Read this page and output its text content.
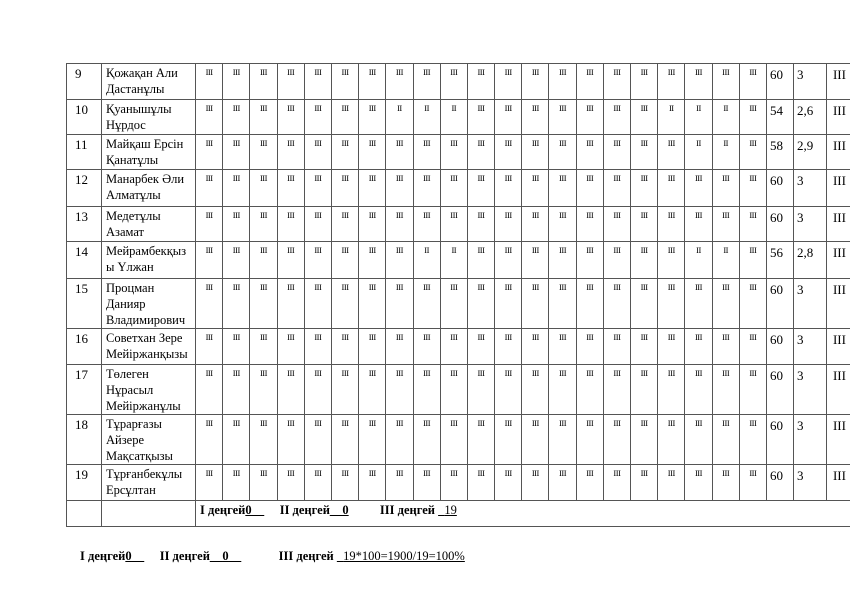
9	Қожақан Али Дастанұлы	III	III	III	III	III	III	III	III	III	III	III	III	III	III	III	III	III	III	III	III	III	60	3	III
10	Қуанышұлы Нұрдос	III	III	III	III	III	III	III	II	II	II	III	III	III	III	III	III	III	II	II	II	III	54	2,6	III
11	Майқаш Ерсін Қанатұлы	III	III	III	III	III	III	III	III	III	III	III	III	III	III	III	III	III	III	II	II	III	58	2,9	III
12	Манарбек Әли Алматұлы	III	III	III	III	III	III	III	III	III	III	III	III	III	III	III	III	III	III	III	III	III	60	3	III
13	Медетұлы Азамат	III	III	III	III	III	III	III	III	III	III	III	III	III	III	III	III	III	III	III	III	III	60	3	III
14	Мейрамбекқыз ы Үлжан	III	III	III	III	III	III	III	III	II	II	III	III	III	III	III	III	III	III	II	II	III	56	2,8	III
15	Процман Данияр Владимирович	III	III	III	III	III	III	III	III	III	III	III	III	III	III	III	III	III	III	III	III	III	60	3	III
16	Советхан Зере Мейіржанқызы	III	III	III	III	III	III	III	III	III	III	III	III	III	III	III	III	III	III	III	III	III	60	3	III
17	Төлеген Нұрасыл Мейіржанұлы	III	III	III	III	III	III	III	III	III	III	III	III	III	III	III	III	III	III	III	III	III	60	3	III
18	Тұрарғазы Айзере Мақсатқызы	III	III	III	III	III	III	III	III	III	III	III	III	III	III	III	III	III	III	III	III	III	60	3	III
19	Тұрғанбекұлы Ерсұлтан	III	III	III	III	III	III	III	III	III	III	III	III	III	III	III	III	III	III	III	III	III	60	3	III
		І деңгей0__ ІІ деңгей__0 ІІІ деңгей 19																							
І деңгей0__ ІІ деңгей__0__	ІІІ деңгей 19*100=1900/19=100%
